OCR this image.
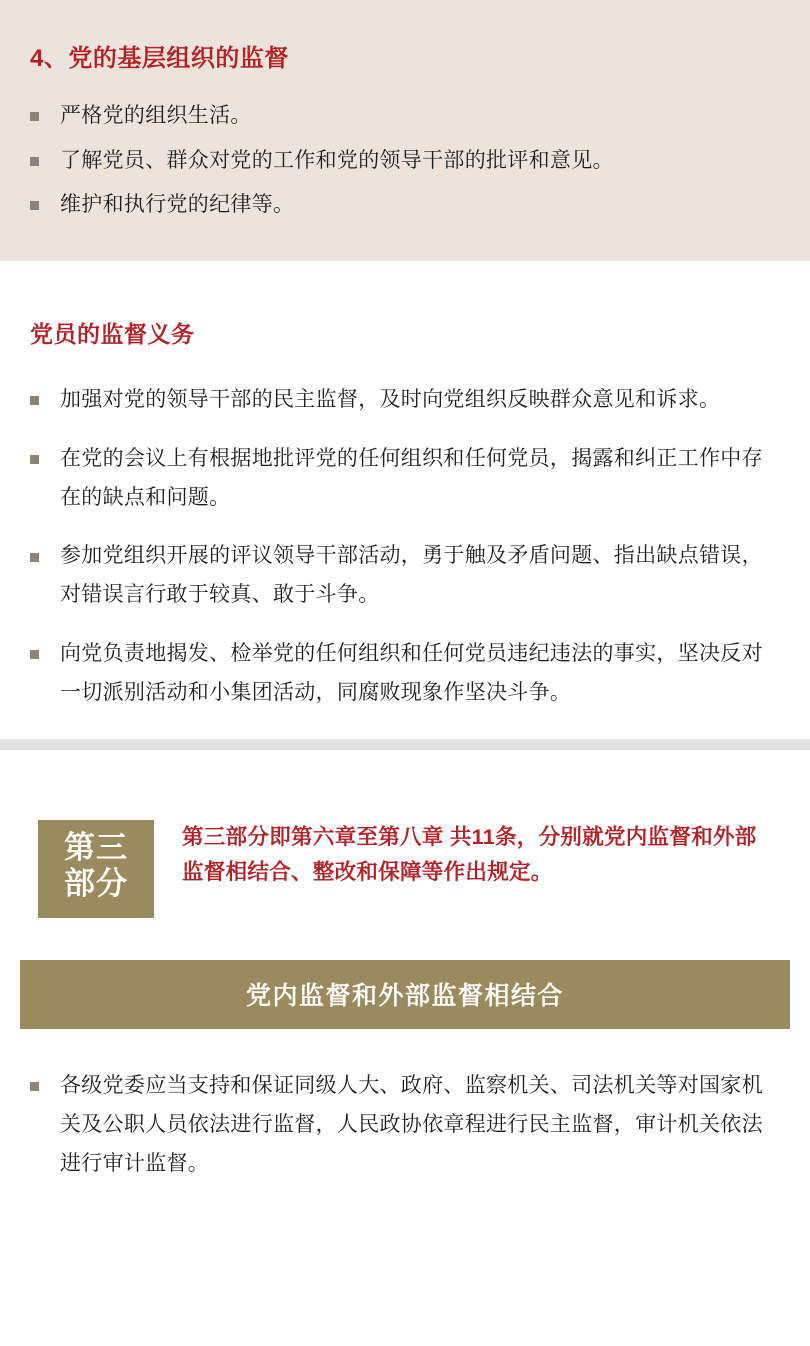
4、党的基层组织的监督
严格党的组织生活。
了解党员、群众对党的工作和党的领导干部的批评和意见。
维护和执行党的纪律等。
党员的监督义务
加强对党的领导干部的民主监督，及时向党组织反映群众意见和诉求。
在党的会议上有根据地批评党的任何组织和任何党员，揭露和纠正工作中存在的缺点和问题。
参加党组织开展的评议领导干部活动，勇于触及矛盾问题、指出缺点错误，对错误言行敢于较真、敢于斗争。
向党负责地揭发、检举党的任何组织和任何党员违纪违法的事实，坚决反对一切派别活动和小集团活动，同腐败现象作坚决斗争。
第三
部分
第三部分即第六章至第八章 共11条，分别就党内监督和外部监督相结合、整改和保障等作出规定。
党内监督和外部监督相结合
各级党委应当支持和保证同级人大、政府、监察机关、司法机关等对国家机关及公职人员依法进行监督，人民政协依章程进行民主监督，审计机关依法进行审计监督。
